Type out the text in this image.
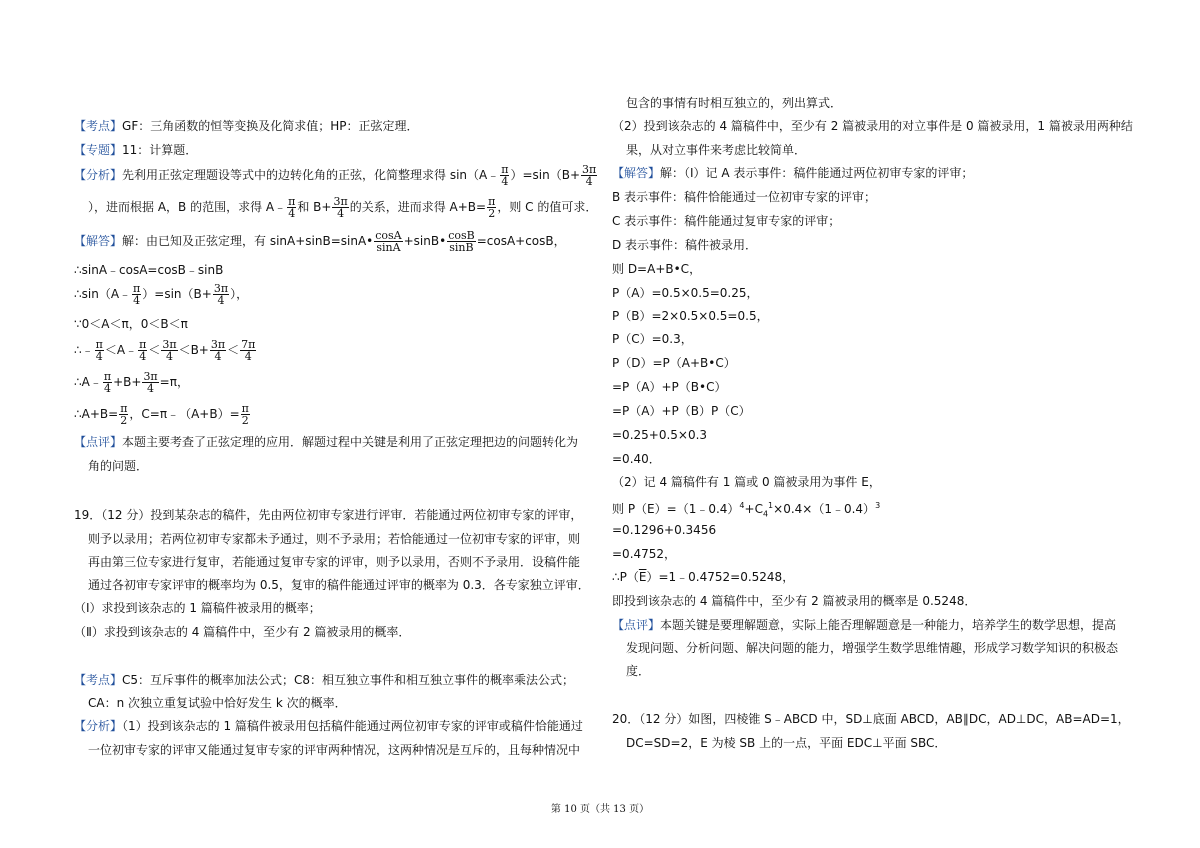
【考点】GF：三角函数的恒等变换及化简求值；HP：正弦定理．
【专题】11：计算题．
【分析】先利用正弦定理题设等式中的边转化角的正弦，化简整理求得 sin（A﹣ $\frac{\pi}{4} )=\sin(B+ \frac{3\pi}{4}$
），进而根据 A，B 的范围，求得 A﹣ $\frac{\pi}{4}$ 和 $B+ \frac{3\pi}{4}$ 的关系，进而求得 $A+B= \frac{\pi}{2}$ ，则 C 的值可求．
【解答】解：由已知及正弦定理，有 sinA+sinB=sinA• $\frac{\cos A}{\sin A}$ +sinB• $\frac{\cos B}{\sin B} =\cos A+\cos B$，
∴sinA﹣cosA=cosB﹣sinB
∴sin（A﹣ $\frac{\pi}{4} )=\sin(B+ \frac{3\pi}{4}$ ），
∵0＜A＜π，0＜B＜π
∴﹣ $\frac{\pi}{4}$ ＜A﹣ $\frac{\pi}{4} < \frac{3\pi}{4} <B+ \frac{3\pi}{4} < \frac{7\pi}{4}$
∴A﹣ $\frac{\pi}{4} +B+ \frac{3\pi}{4} =\pi$，
∴A+B= $\frac{\pi}{2}$ ，C=π﹣（A+B）= $\frac{\pi}{2}$
【点评】本题主要考查了正弦定理的应用．解题过程中关键是利用了正弦定理把边的问题转化为
角的问题．
19．（12 分）投到某杂志的稿件，先由两位初审专家进行评审．若能通过两位初审专家的评审，
则予以录用；若两位初审专家都未予通过，则不予录用；若恰能通过一位初审专家的评审，则
再由第三位专家进行复审，若能通过复审专家的评审，则予以录用，否则不予录用．设稿件能
通过各初审专家评审的概率均为 0.5，复审的稿件能通过评审的概率为 0.3．各专家独立评审．
（Ⅰ）求投到该杂志的 1 篇稿件被录用的概率；
（Ⅱ）求投到该杂志的 4 篇稿件中，至少有 2 篇被录用的概率．
【考点】C5：互斥事件的概率加法公式；C8：相互独立事件和相互独立事件的概率乘法公式；
CA：n 次独立重复试验中恰好发生 k 次的概率．
【分析】（1）投到该杂志的 1 篇稿件被录用包括稿件能通过两位初审专家的评审或稿件恰能通过
一位初审专家的评审又能通过复审专家的评审两种情况，这两种情况是互斥的，且每种情况中
包含的事情有时相互独立的，列出算式．
（2）投到该杂志的 4 篇稿件中，至少有 2 篇被录用的对立事件是 0 篇被录用，1 篇被录用两种结
果，从对立事件来考虑比较简单．
【解答】解：（Ⅰ）记 A 表示事件：稿件能通过两位初审专家的评审；
B 表示事件：稿件恰能通过一位初审专家的评审；
C 表示事件：稿件能通过复审专家的评审；
D 表示事件：稿件被录用．
则 D=A+B•C，
P（A）=0.5×0.5=0.25，
P（B）=2×0.5×0.5=0.5，
P（C）=0.3，
P（D）=P（A+B•C）
=P（A）+P（B•C）
=P（A）+P（B）P（C）
=0.25+0.5×0.3
=0.40．
（2）记 4 篇稿件有 1 篇或 0 篇被录用为事件 E，
则 $P(E)=(1﹣0.4)^4+C_4^1\times 0.4\times(1﹣0.4)^3$
=0.1296+0.3456
=0.4752，
$\therefore P(\overline{E})=1﹣0.4752=0.5248$，
即投到该杂志的 4 篇稿件中，至少有 2 篇被录用的概率是 0.5248．
【点评】本题关键是要理解题意，实际上能否理解题意是一种能力，培养学生的数学思想，提高
发现问题、分析问题、解决问题的能力，增强学生数学思维情趣，形成学习数学知识的积极态
度．
20．（12 分）如图，四棱锥 S﹣ABCD 中，SD⊥底面 ABCD，AB∥DC，AD⊥DC，AB=AD=1，
DC=SD=2，E 为棱 SB 上的一点，平面 EDC⊥平面 SBC．
第 10 页（共 13 页）
